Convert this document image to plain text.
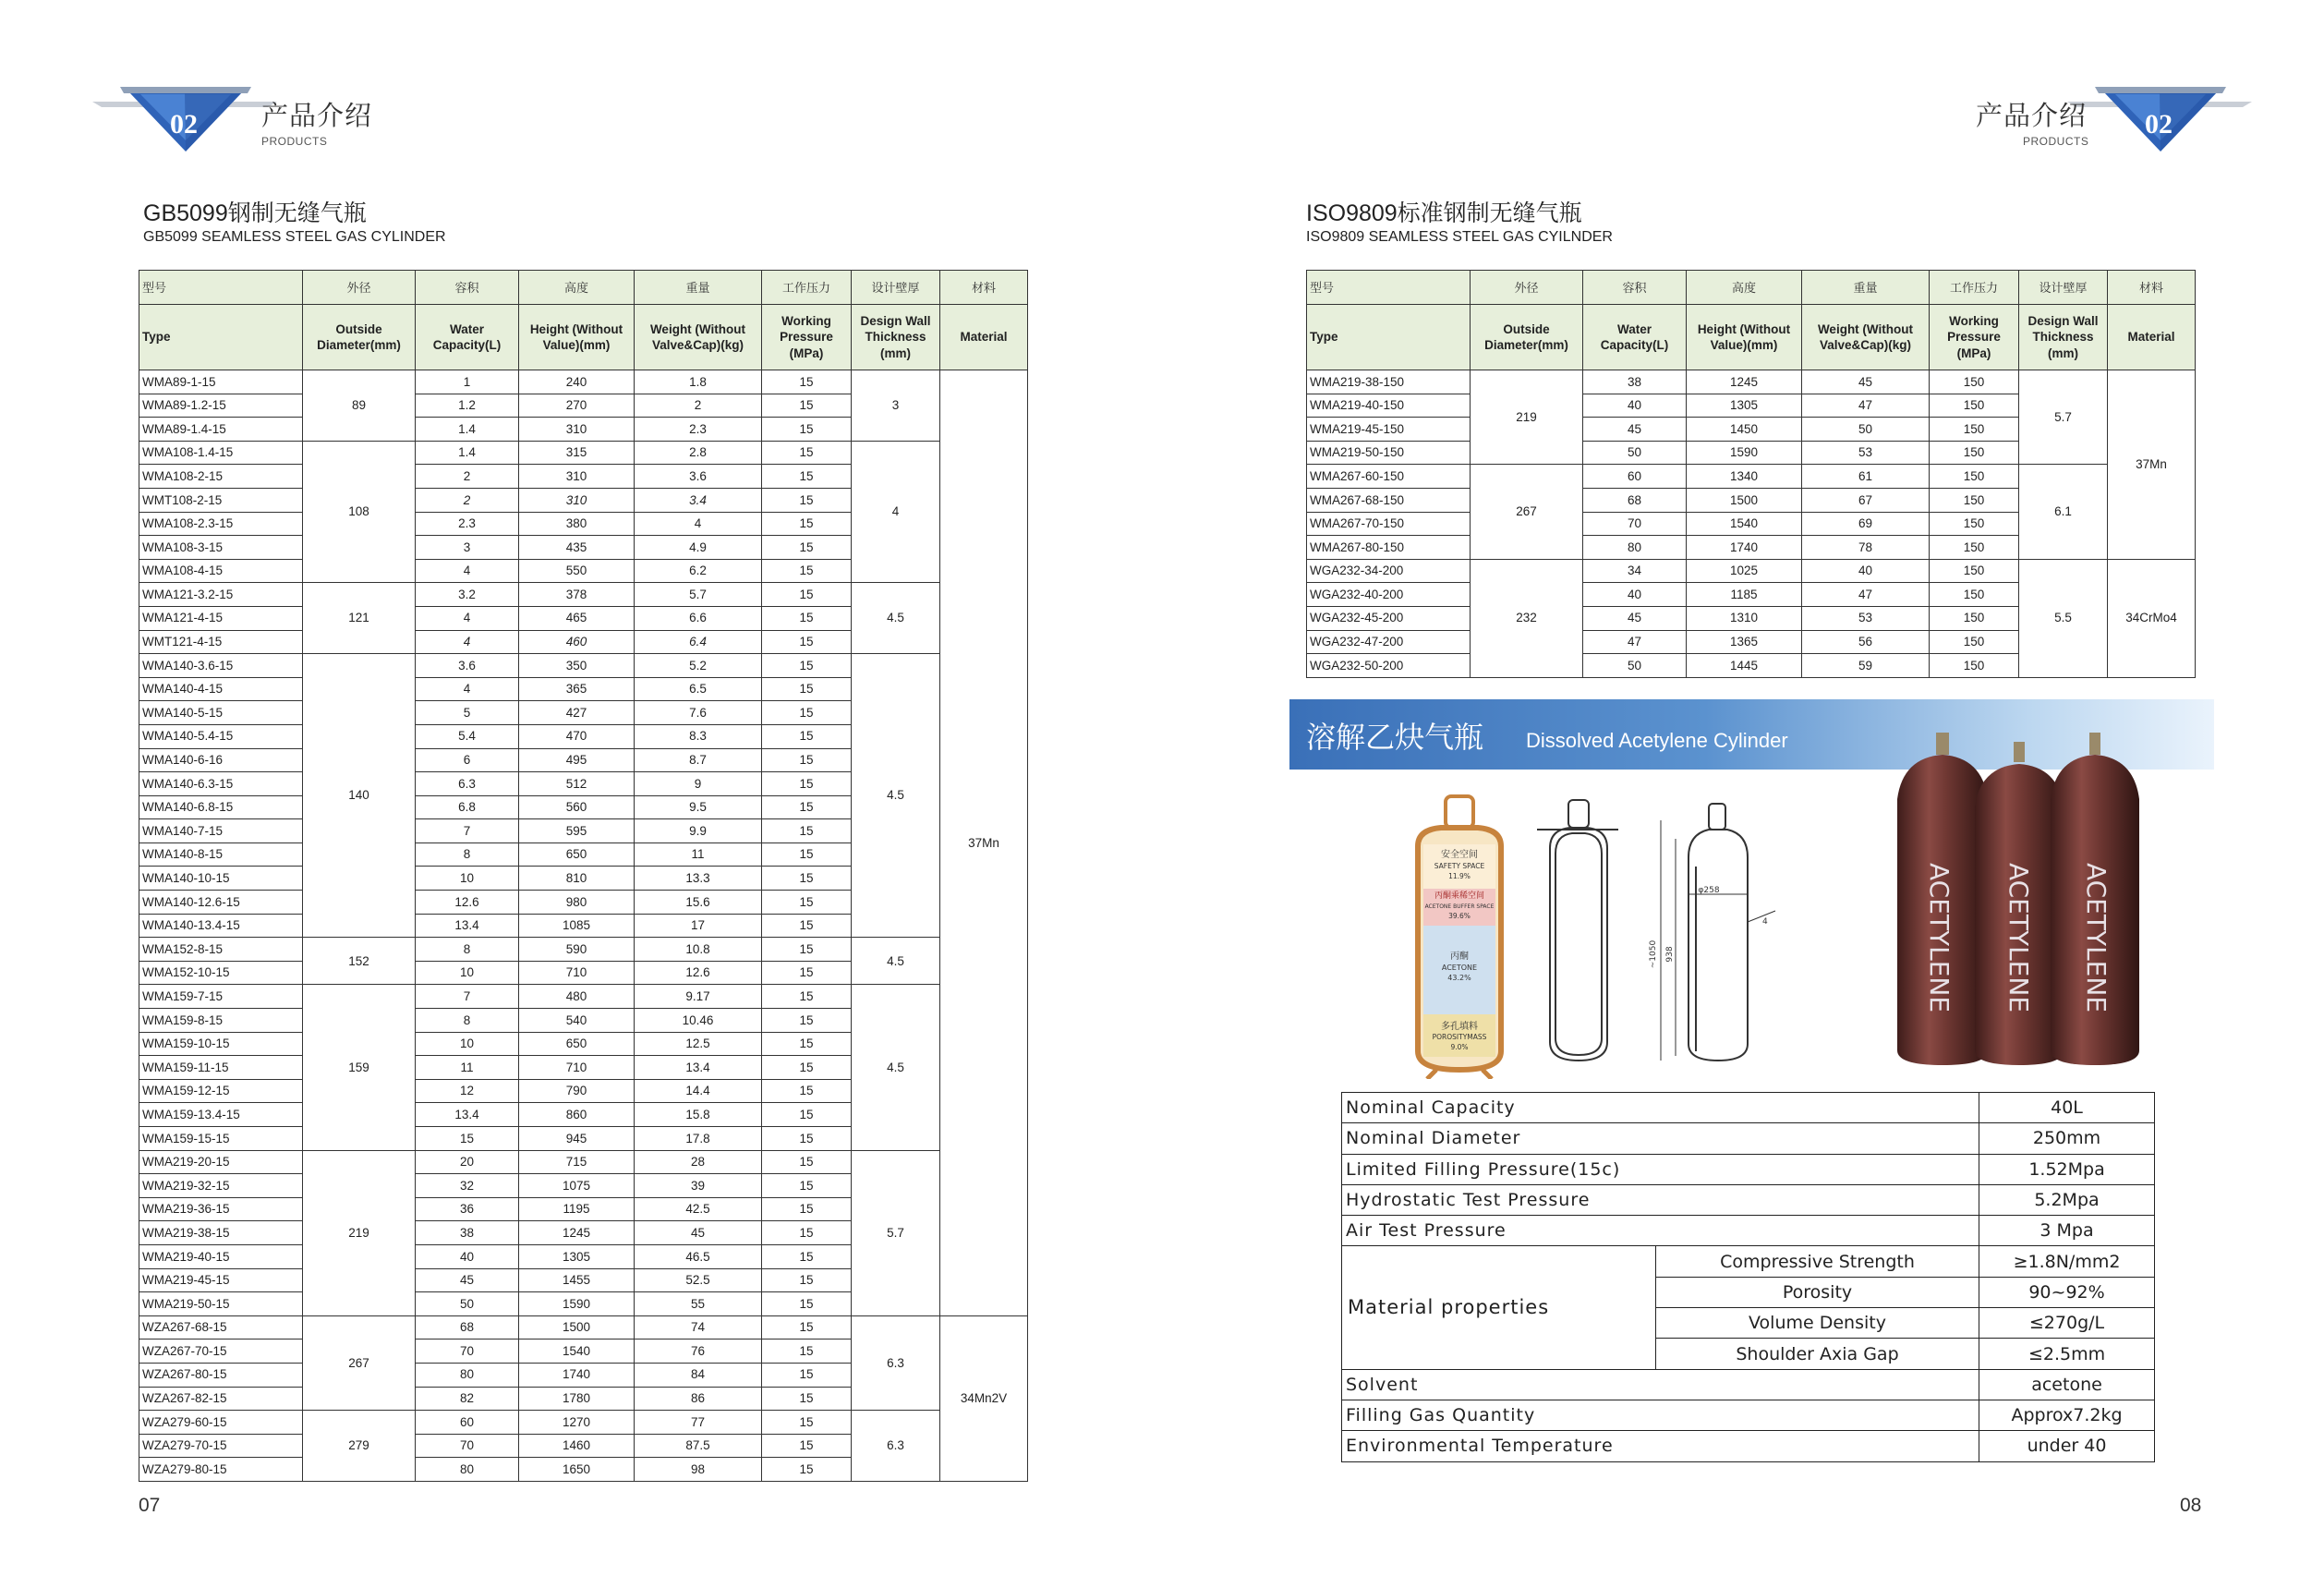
02 产品介绍
PRODUCTS
02
产品介绍
PRODUCTS
GB5099钢制无缝气瓶
GB5099 SEAMLESS STEEL GAS CYLINDER
型号	外径	容积	高度	重量	工作压力	设计壁厚	材料
Type	Outside Diameter(mm)	Water Capacity(L)	Height (Without Value)(mm)	Weight (Without Valve&Cap)(kg)	Working Pressure (MPa)	Design Wall Thickness (mm)	Material
WMA89-1-15	89	1	240	1.8	15	3	37Mn
WMA89-1.2-15		1.2	270	2	15		
WMA89-1.4-15		1.4	310	2.3	15		
WMA108-1.4-15	108	1.4	315	2.8	15	4	
WMA108-2-15		2	310	3.6	15		
WMT108-2-15		2	310	3.4	15		
WMA108-2.3-15		2.3	380	4	15		
WMA108-3-15		3	435	4.9	15		
WMA108-4-15		4	550	6.2	15		
WMA121-3.2-15	121	3.2	378	5.7	15	4.5	
WMA121-4-15		4	465	6.6	15		
WMT121-4-15		4	460	6.4	15		
WMA140-3.6-15	140	3.6	350	5.2	15	4.5	
WMA140-4-15		4	365	6.5	15		
WMA140-5-15		5	427	7.6	15		
WMA140-5.4-15		5.4	470	8.3	15		
WMA140-6-16		6	495	8.7	15		
WMA140-6.3-15		6.3	512	9	15		
WMA140-6.8-15		6.8	560	9.5	15		
WMA140-7-15		7	595	9.9	15		
WMA140-8-15		8	650	11	15		
WMA140-10-15		10	810	13.3	15		
WMA140-12.6-15		12.6	980	15.6	15		
WMA140-13.4-15		13.4	1085	17	15		
WMA152-8-15	152	8	590	10.8	15	4.5	
WMA152-10-15		10	710	12.6	15		
WMA159-7-15	159	7	480	9.17	15	4.5	
WMA159-8-15		8	540	10.46	15		
WMA159-10-15		10	650	12.5	15		
WMA159-11-15		11	710	13.4	15		
WMA159-12-15		12	790	14.4	15		
WMA159-13.4-15		13.4	860	15.8	15		
WMA159-15-15		15	945	17.8	15		
WMA219-20-15	219	20	715	28	15	5.7	
WMA219-32-15		32	1075	39	15		
WMA219-36-15		36	1195	42.5	15		
WMA219-38-15		38	1245	45	15		
WMA219-40-15		40	1305	46.5	15		
WMA219-45-15		45	1455	52.5	15		
WMA219-50-15		50	1590	55	15		
WZA267-68-15	267	68	1500	74	15	6.3	34Mn2V
WZA267-70-15		70	1540	76	15		
WZA267-80-15		80	1740	84	15		
WZA267-82-15		82	1780	86	15		
WZA279-60-15	279	60	1270	77	15	6.3	
WZA279-70-15		70	1460	87.5	15		
WZA279-80-15		80	1650	98	15		
07
ISO9809标准钢制无缝气瓶
ISO9809 SEAMLESS STEEL GAS CYILNDER
型号	外径	容积	高度	重量	工作压力	设计壁厚	材料
Type	Outside Diameter(mm)	Water Capacity(L)	Height (Without Value)(mm)	Weight (Without Valve&Cap)(kg)	Working Pressure (MPa)	Design Wall Thickness (mm)	Material
WMA219-38-150	219	38	1245	45	150	5.7	37Mn
WMA219-40-150		40	1305	47	150		
WMA219-45-150		45	1450	50	150		
WMA219-50-150		50	1590	53	150		
WMA267-60-150	267	60	1340	61	150	6.1	
WMA267-68-150		68	1500	67	150		
WMA267-70-150		70	1540	69	150		
WMA267-80-150		80	1740	78	150		
WGA232-34-200	232	34	1025	40	150	5.5	34CrMo4
WGA232-40-200		40	1185	47	150		
WGA232-45-200		45	1310	53	150		
WGA232-47-200		47	1365	56	150		
WGA232-50-200		50	1445	59	150		
溶解乙炔气瓶 Dissolved Acetylene Cylinder
安全空间
SAFETY SPACE
11.9%
丙酮乘稀空间
ACETONE BUFFER SPACE
39.6%
丙酮
ACETONE
43.2%
多孔填料
POROSITYMASS
9.0%
φ258
4
~1050 938	ACETYLENE ACETYLENE ACETYLENE
Nominal Capacity		40L
Nominal Diameter		250mm
Limited Filling Pressure(15c)		1.52Mpa
Hydrostatic Test Pressure		5.2Mpa
Air Test Pressure		3 Mpa
Material properties	Compressive Strength	≥1.8N/mm2
	Porosity	90~92%
	Volume Density	≤270g/L
	Shoulder Axia Gap	≤2.5mm
Solvent		acetone
Filling Gas Quantity		Approx7.2kg
Environmental Temperature		under 40
08
